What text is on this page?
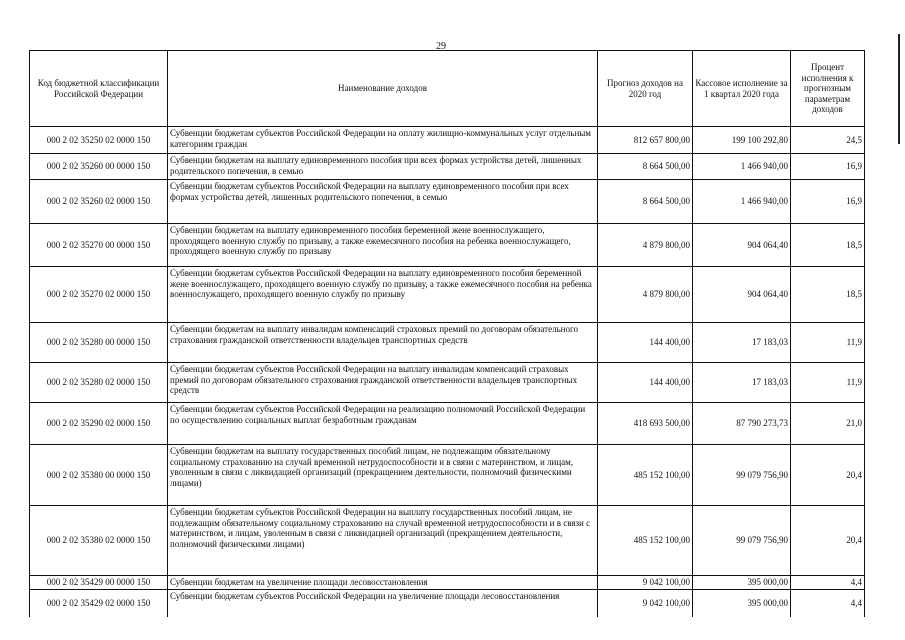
29
Код бюджетной классификации Российской Федерации	Наименование доходов	Прогноз доходов на 2020 год	Кассовое исполнение за 1 квартал 2020 года	Процент исполнения к прогнозным параметрам доходов
000 2 02 35250 02 0000 150	Субвенции бюджетам субъектов Российской Федерации на оплату жилищно-коммунальных услуг отдельным категориям граждан	812 657 800,00	199 100 292,80	24,5
000 2 02 35260 00 0000 150	Субвенции бюджетам на выплату единовременного пособия при всех формах устройства детей, лишенных родительского попечения, в семью	8 664 500,00	1 466 940,00	16,9
000 2 02 35260 02 0000 150	Субвенции бюджетам субъектов Российской Федерации на выплату единовременного пособия при всех формах устройства детей, лишенных родительского попечения, в семью	8 664 500,00	1 466 940,00	16,9
000 2 02 35270 00 0000 150	Субвенции бюджетам на выплату единовременного пособия беременной жене военнослужащего, проходящего военную службу по призыву, а также ежемесячного пособия на ребенка военнослужащего, проходящего военную службу по призыву	4 879 800,00	904 064,40	18,5
000 2 02 35270 02 0000 150	Субвенции бюджетам субъектов Российской Федерации на выплату единовременного пособия беременной жене военнослужащего, проходящего военную службу по призыву, а также ежемесячного пособия на ребенка военнослужащего, проходящего военную службу по призыву	4 879 800,00	904 064,40	18,5
000 2 02 35280 00 0000 150	Субвенции бюджетам на выплату инвалидам компенсаций страховых премий по договорам обязательного страхования гражданской ответственности владельцев транспортных средств	144 400,00	17 183,03	11,9
000 2 02 35280 02 0000 150	Субвенции бюджетам субъектов Российской Федерации на выплату инвалидам компенсаций страховых премий по договорам обязательного страхования гражданской ответственности владельцев транспортных средств	144 400,00	17 183,03	11,9
000 2 02 35290 02 0000 150	Субвенции бюджетам субъектов Российской Федерации на реализацию полномочий Российской Федерации по осуществлению социальных выплат безработным гражданам	418 693 500,00	87 790 273,73	21,0
000 2 02 35380 00 0000 150	Субвенции бюджетам на выплату государственных пособий лицам, не подлежащим обязательному социальному страхованию на случай временной нетрудоспособности и в связи с материнством, и лицам, уволенным в связи с ликвидацией организаций (прекращением деятельности, полномочий физическими лицами)	485 152 100,00	99 079 756,90	20,4
000 2 02 35380 02 0000 150	Субвенции бюджетам субъектов Российской Федерации на выплату государственных пособий лицам, не подлежащим обязательному социальному страхованию на случай временной нетрудоспособности и в связи с материнством, и лицам, уволенным в связи с ликвидацией организаций (прекращением деятельности, полномочий физическими лицами)	485 152 100,00	99 079 756,90	20,4
000 2 02 35429 00 0000 150	Субвенции бюджетам на увеличение площади лесовосстановления	9 042 100,00	395 000,00	4,4
000 2 02 35429 02 0000 150	Субвенции бюджетам субъектов Российской Федерации на увеличение площади лесовосстановления	9 042 100,00	395 000,00	4,4
